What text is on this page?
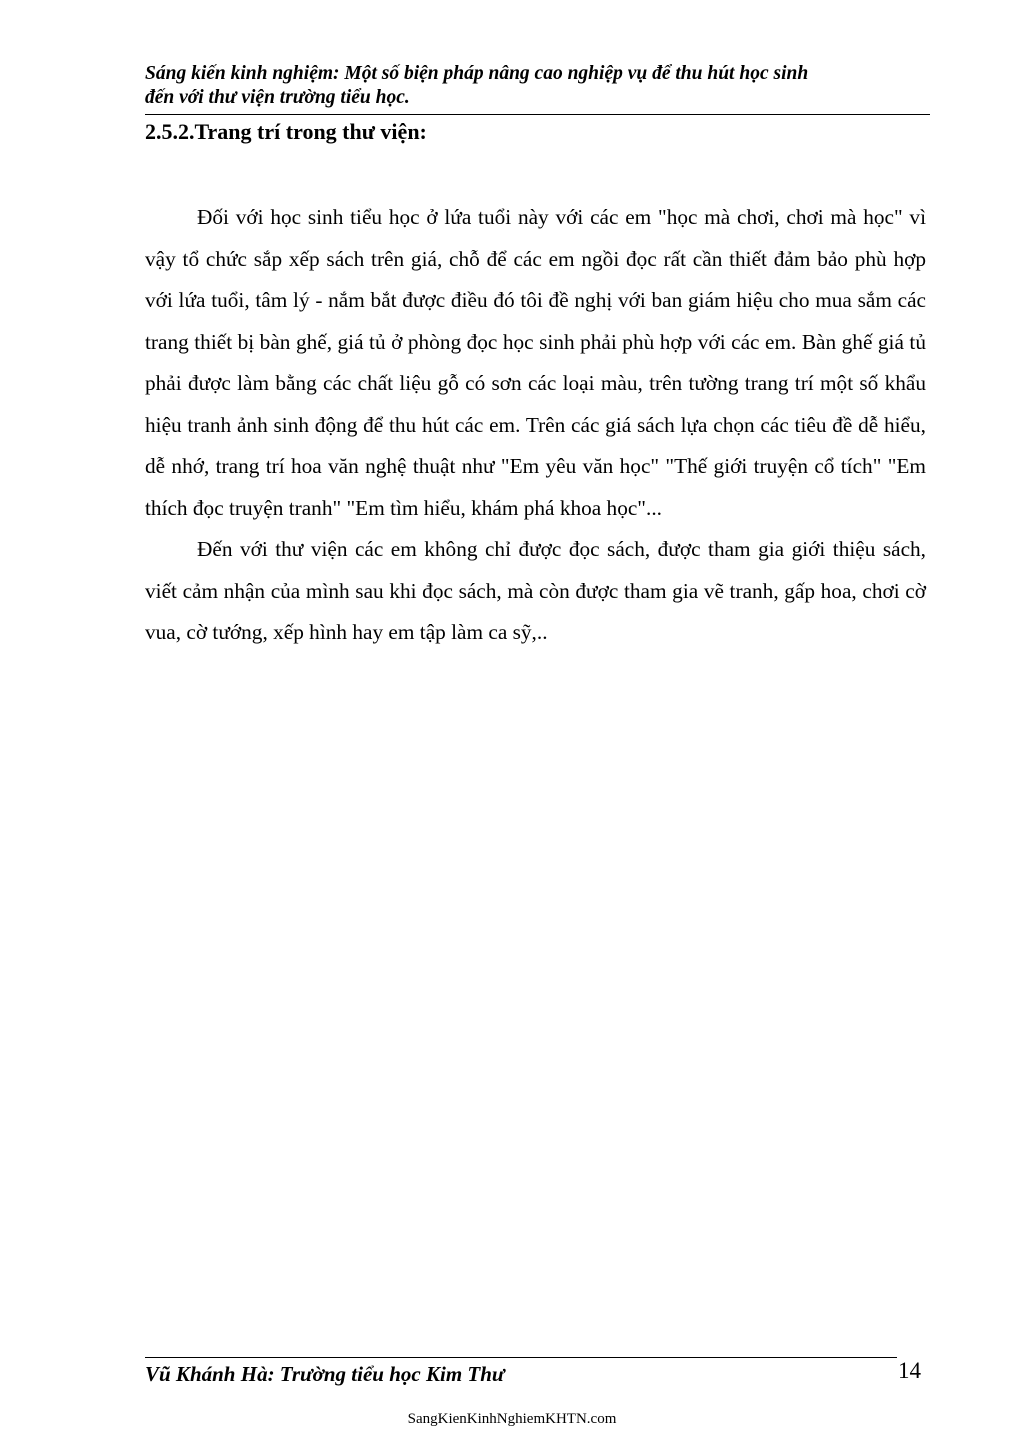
Sáng kiến kinh nghiệm: Một số biện pháp nâng cao nghiệp vụ để thu hút học sinh
đến với thư viện trường tiểu học.
2.5.2.Trang trí trong thư viện:

Đối với học sinh tiểu học ở lứa tuổi này với các em "học mà chơi, chơi mà học" vì vậy tổ chức sắp xếp sách trên giá, chỗ để các em ngồi đọc rất cần thiết đảm bảo phù hợp với lứa tuổi, tâm lý - nắm bắt được điều đó tôi đề nghị với ban giám hiệu cho mua sắm các trang thiết bị bàn ghế, giá tủ ở phòng đọc học sinh phải phù hợp với các em. Bàn ghế giá tủ phải được làm bằng các chất liệu gỗ có sơn các loại màu, trên tường trang trí một số khẩu hiệu tranh ảnh sinh động để thu hút các em. Trên các giá sách lựa chọn các tiêu đề dễ hiểu, dễ nhớ, trang trí hoa văn nghệ thuật như "Em yêu văn học" "Thế giới truyện cổ tích" "Em thích đọc truyện tranh" "Em tìm hiểu, khám phá khoa học"...

Đến với thư viện các em không chỉ được đọc sách, được tham gia giới thiệu sách, viết cảm nhận của mình sau khi đọc sách, mà còn được tham gia vẽ tranh, gấp hoa, chơi cờ vua, cờ tướng, xếp hình hay em tập làm ca sỹ,..

Vũ Khánh Hà: Trường tiểu học Kim Thư	14
SangKienKinhNghiemKHTN.com
